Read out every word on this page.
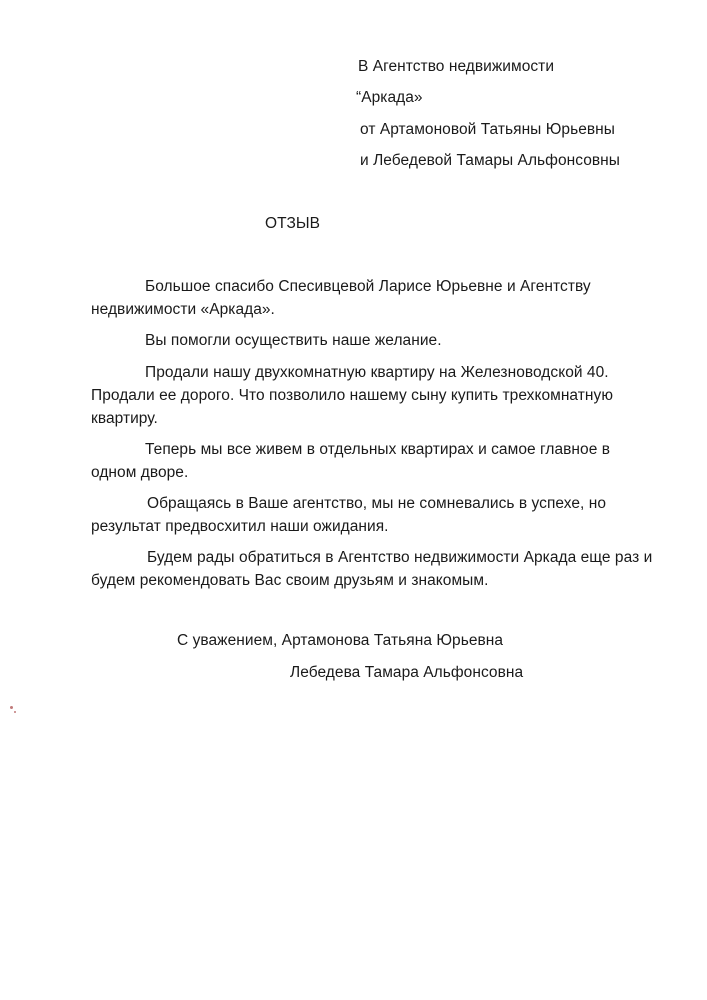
В Агентство недвижимости
“Аркада»
от Артамоновой Татьяны Юрьевны
и Лебедевой Тамары Альфонсовны
ОТЗЫВ
Большое спасибо Спесивцевой Ларисе Юрьевне и Агентству
недвижимости «Аркада».
Вы помогли осуществить наше желание.
Продали нашу двухкомнатную квартиру на Железноводской 40.
Продали ее дорого. Что позволило нашему сыну купить трехкомнатную
квартиру.
Теперь мы все живем в отдельных квартирах и самое главное в
одном дворе.
Обращаясь в Ваше агентство, мы не сомневались в успехе, но
результат предвосхитил наши ожидания.
Будем рады обратиться в Агентство недвижимости Аркада еще раз и
будем рекомендовать Вас своим друзьям и знакомым.
С уважением, Артамонова Татьяна Юрьевна
Лебедева Тамара Альфонсовна
